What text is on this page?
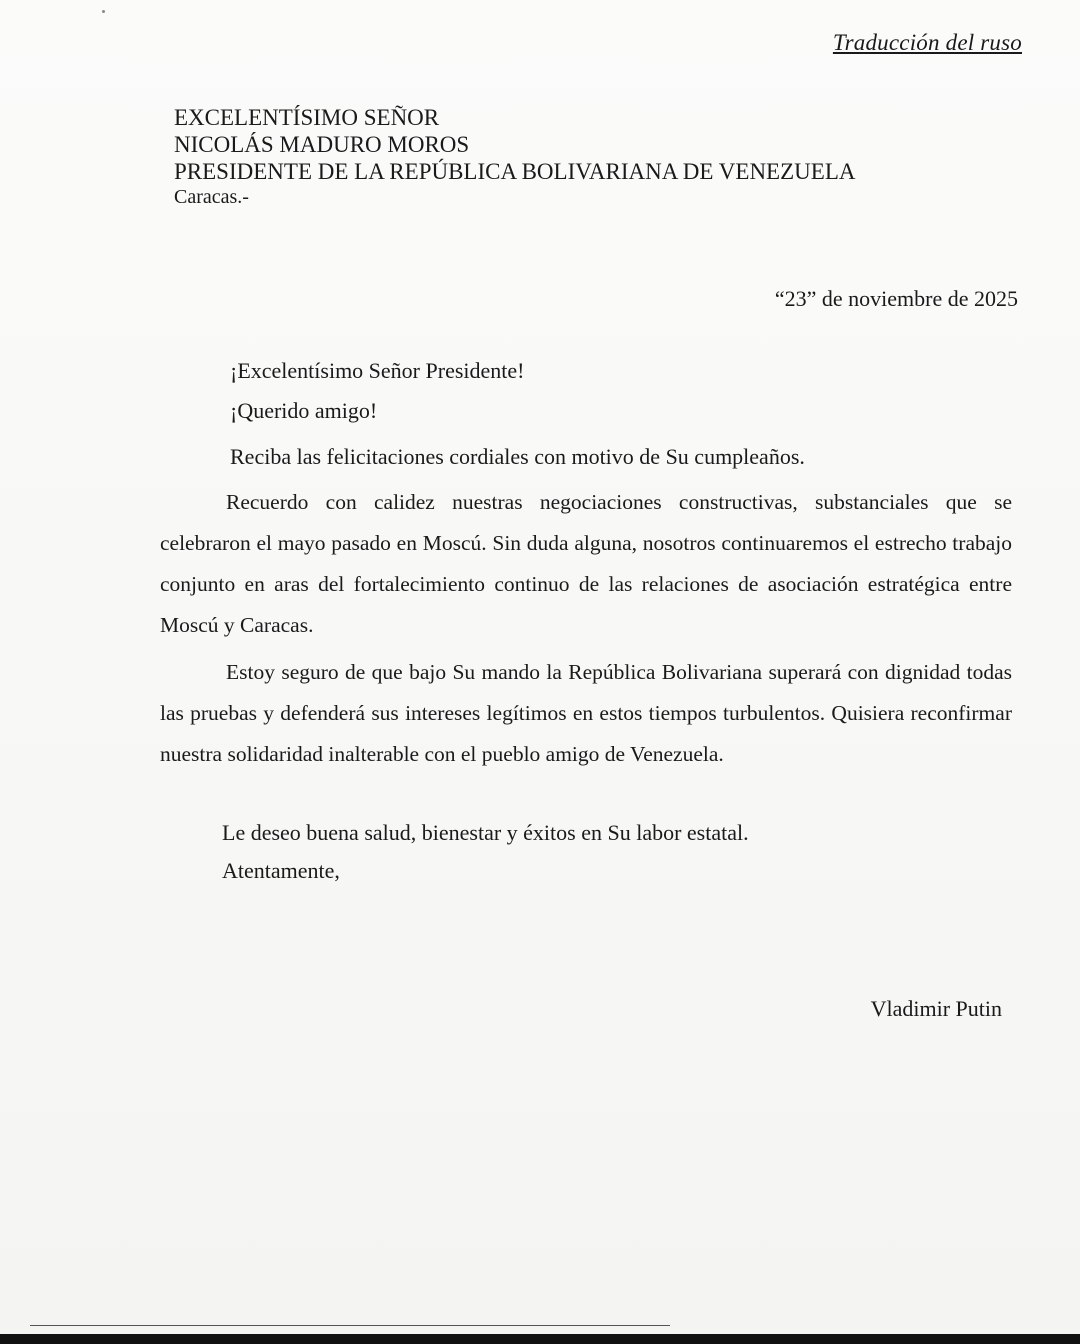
Traducción del ruso
EXCELENTÍSIMO SEÑOR
NICOLÁS MADURO MOROS
PRESIDENTE DE LA REPÚBLICA BOLIVARIANA DE VENEZUELA
Caracas.-
“23” de noviembre de 2025
¡Excelentísimo Señor Presidente!
¡Querido amigo!
Reciba las felicitaciones cordiales con motivo de Su cumpleaños.
Recuerdo con calidez nuestras negociaciones constructivas, substanciales que se celebraron el mayo pasado en Moscú. Sin duda alguna, nosotros continuaremos el estrecho trabajo conjunto en aras del fortalecimiento continuo de las relaciones de asociación estratégica entre Moscú y Caracas.
Estoy seguro de que bajo Su mando la República Bolivariana superará con dignidad todas las pruebas y defenderá sus intereses legítimos en estos tiempos turbulentos. Quisiera reconfirmar nuestra solidaridad inalterable con el pueblo amigo de Venezuela.
Le deseo buena salud, bienestar y éxitos en Su labor estatal.
Atentamente,
Vladimir Putin
